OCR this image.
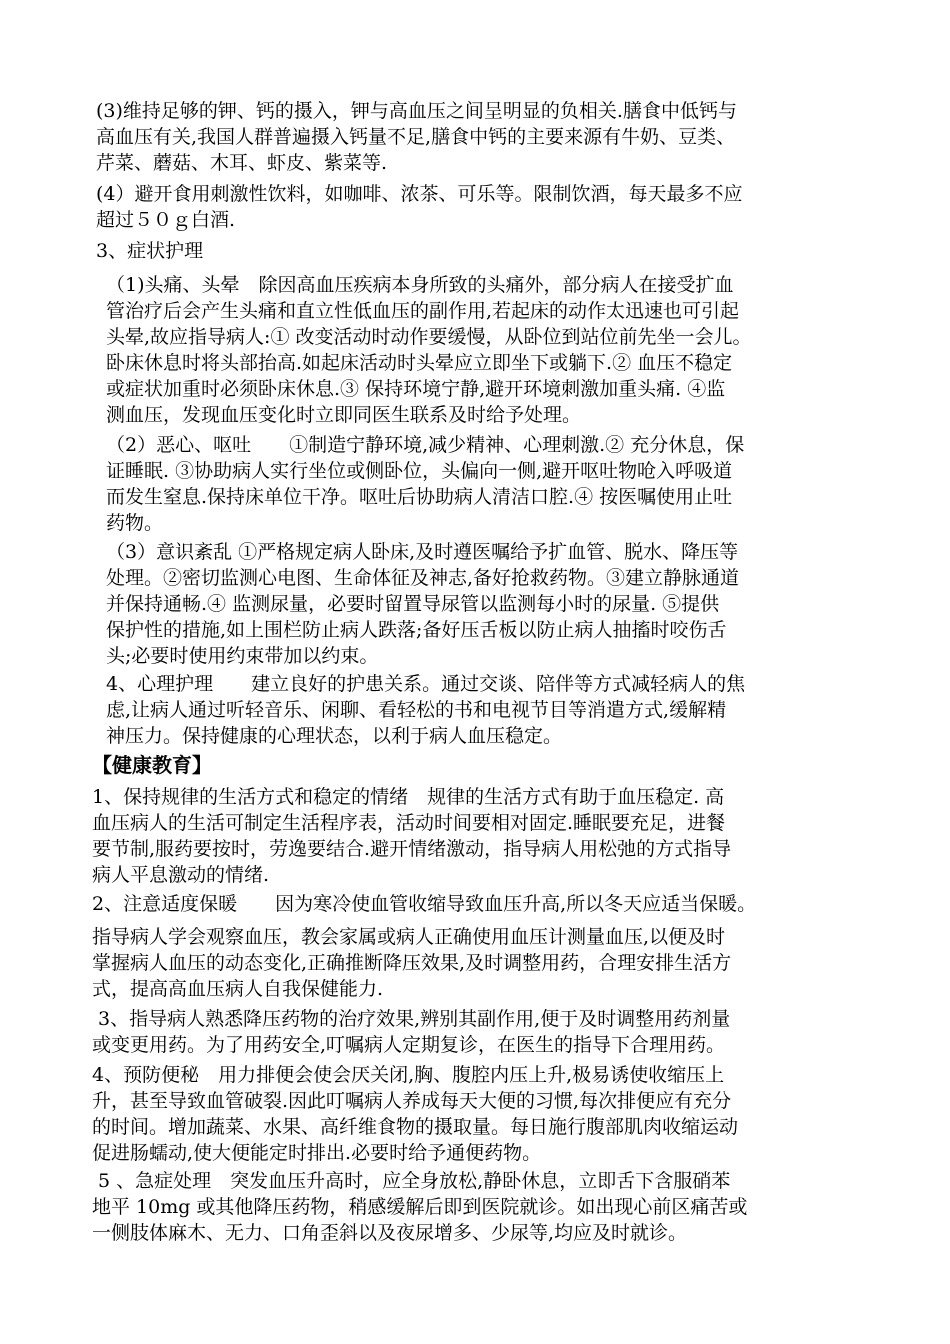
(3)维持足够的钾、钙的摄入，钾与高血压之间呈明显的负相关.膳食中低钙与
高血压有关,我国人群普遍摄入钙量不足,膳食中钙的主要来源有牛奶、豆类、
芹菜、蘑菇、木耳、虾皮、紫菜等.

(4）避开食用刺激性饮料，如咖啡、浓茶、可乐等。限制饮酒，每天最多不应
超过５０ｇ白酒.

3、症状护理

（1)头痛、头晕　除因高血压疾病本身所致的头痛外，部分病人在接受扩血
管治疗后会产生头痛和直立性低血压的副作用,若起床的动作太迅速也可引起
头晕,故应指导病人:① 改变活动时动作要缓慢，从卧位到站位前先坐一会儿。
卧床休息时将头部抬高.如起床活动时头晕应立即坐下或躺下.② 血压不稳定
或症状加重时必须卧床休息.③ 保持环境宁静,避开环境刺激加重头痛. ④监
测血压，发现血压变化时立即同医生联系及时给予处理。

（2）恶心、呕吐　　①制造宁静环境,减少精神、心理刺激.② 充分休息，保
证睡眠. ③协助病人实行坐位或侧卧位，头偏向一侧,避开呕吐物呛入呼吸道
而发生窒息.保持床单位干净。呕吐后协助病人清洁口腔.④ 按医嘱使用止吐
药物。

（3）意识紊乱 ①严格规定病人卧床,及时遵医嘱给予扩血管、脱水、降压等
处理。②密切监测心电图、生命体征及神志,备好抢救药物。③建立静脉通道
并保持通畅.④ 监测尿量，必要时留置导尿管以监测每小时的尿量. ⑤提供
保护性的措施,如上围栏防止病人跌落;备好压舌板以防止病人抽搐时咬伤舌
头;必要时使用约束带加以约束。

4、心理护理　　建立良好的护患关系。通过交谈、陪伴等方式减轻病人的焦
虑,让病人通过听轻音乐、闲聊、看轻松的书和电视节目等消遣方式,缓解精
神压力。保持健康的心理状态，以利于病人血压稳定。

【健康教育】

1、保持规律的生活方式和稳定的情绪　规律的生活方式有助于血压稳定. 高
血压病人的生活可制定生活程序表，活动时间要相对固定.睡眠要充足，进餐
要节制,服药要按时，劳逸要结合.避开情绪激动，指导病人用松弛的方式指导
病人平息激动的情绪.

2、注意适度保暖　　因为寒冷使血管收缩导致血压升高,所以冬天应适当保暖。

指导病人学会观察血压，教会家属或病人正确使用血压计测量血压,以便及时
掌握病人血压的动态变化,正确推断降压效果,及时调整用药，合理安排生活方
式，提高高血压病人自我保健能力.

3、指导病人熟悉降压药物的治疗效果,辨别其副作用,便于及时调整用药剂量
或变更用药。为了用药安全,叮嘱病人定期复诊，在医生的指导下合理用药。

4、预防便秘　用力排便会使会厌关闭,胸、腹腔内压上升,极易诱使收缩压上
升，甚至导致血管破裂.因此叮嘱病人养成每天大便的习惯,每次排便应有充分
的时间。增加蔬菜、水果、高纤维食物的摄取量。每日施行腹部肌肉收缩运动
促进肠蠕动,使大便能定时排出.必要时给予通便药物。

5 、急症处理　突发血压升高时，应全身放松,静卧休息，立即舌下含服硝苯
地平 10mg 或其他降压药物，稍感缓解后即到医院就诊。如出现心前区痛苦或
一侧肢体麻木、无力、口角歪斜以及夜尿增多、少尿等,均应及时就诊。
